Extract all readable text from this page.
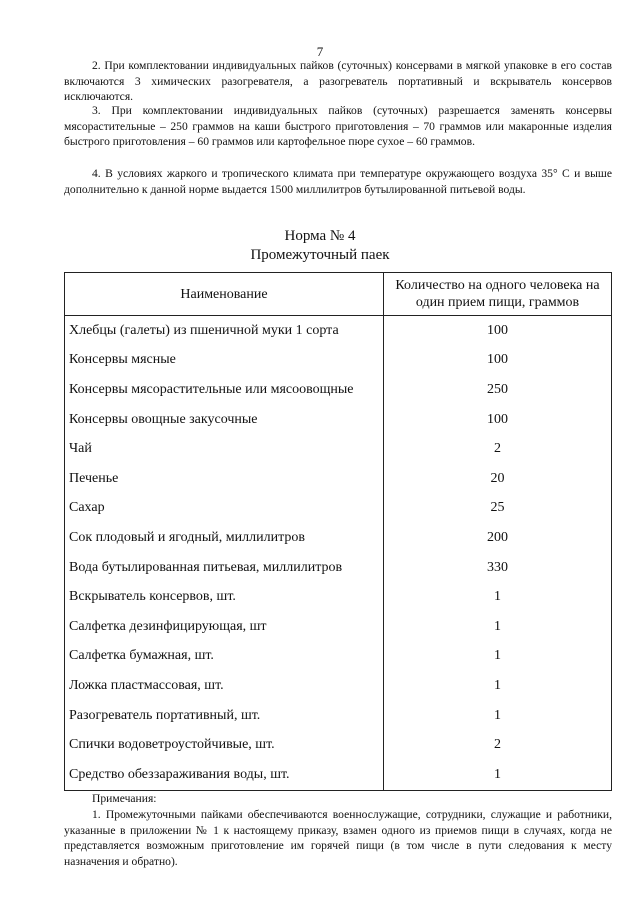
7

2. При комплектовании индивидуальных пайков (суточных) консервами в мягкой упаковке в его состав включаются 3 химических разогревателя, а разогреватель портативный и вскрыватель консервов исключаются.

3. При комплектовании индивидуальных пайков (суточных) разрешается заменять консервы мясорастительные – 250 граммов на каши быстрого приготовления – 70 граммов или макаронные изделия быстрого приготовления – 60 граммов или картофельное пюре сухое – 60 граммов.

4. В условиях жаркого и тропического климата при температуре окружающего воздуха 35° С и выше дополнительно к данной норме выдается 1500 миллилитров бутылированной питьевой воды.

Норма № 4
Промежуточный паек
Наименование	Количество на одного человека на один прием пищи, граммов
Хлебцы (галеты) из пшеничной муки 1 сорта	100
Консервы мясные	100
Консервы мясорастительные или мясоовощные	250
Консервы овощные закусочные	100
Чай	2
Печенье	20
Сахар	25
Сок плодовый и ягодный, миллилитров	200
Вода бутылированная питьевая, миллилитров	330
Вскрыватель консервов, шт.	1
Салфетка дезинфицирующая, шт	1
Салфетка бумажная, шт.	1
Ложка пластмассовая, шт.	1
Разогреватель портативный, шт.	1
Спички водоветроустойчивые, шт.	2
Средство обеззараживания воды, шт.	1
Примечания:

1. Промежуточными пайками обеспечиваются военнослужащие, сотрудники, служащие и работники, указанные в приложении № 1 к настоящему приказу, взамен одного из приемов пищи в случаях, когда не представляется возможным приготовление им горячей пищи (в том числе в пути следования к месту назначения и обратно).
